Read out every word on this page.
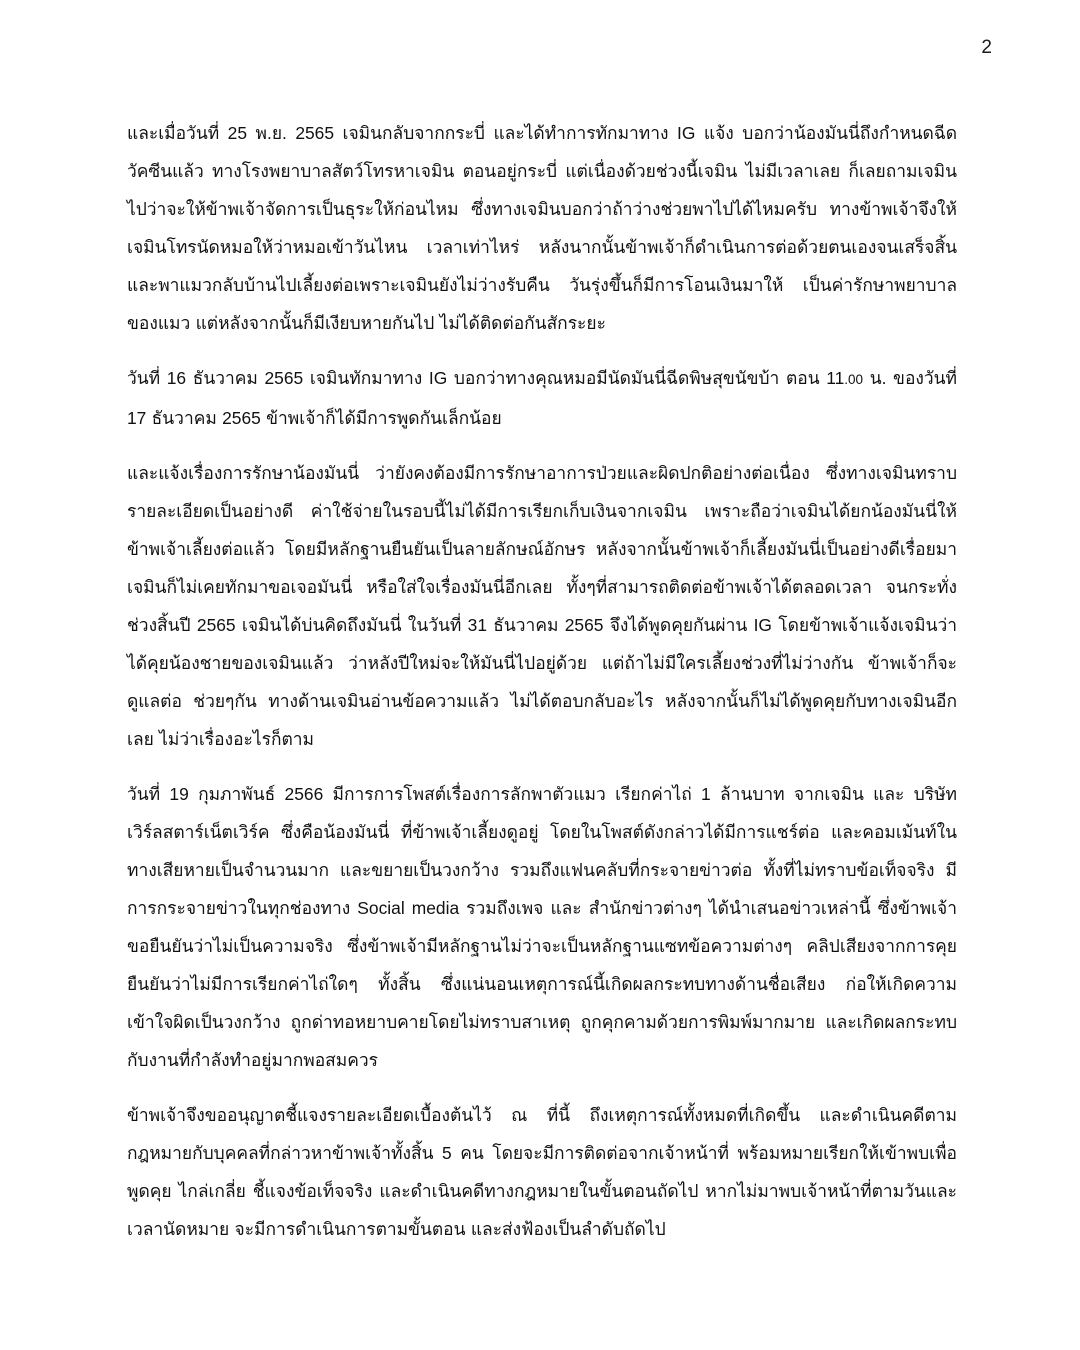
2

และเมื่อวันที่ 25 พ.ย. 2565 เจมินกลับจากกระบี่ และได้ทำการทักมาทาง IG แจ้ง บอกว่าน้องมันนี่ถึงกำหนดฉีดวัคซีนแล้ว ทางโรงพยาบาลสัตว์โทรหาเจมิน ตอนอยู่กระบี่ แต่เนื่องด้วยช่วงนี้เจมิน ไม่มีเวลาเลย ก็เลยถามเจมินไปว่าจะให้ข้าพเจ้าจัดการเป็นธุระให้ก่อนไหม ซึ่งทางเจมินบอกว่าถ้าว่างช่วยพาไปได้ไหมครับ ทางข้าพเจ้าจึงให้เจมินโทรนัดหมอให้ว่าหมอเข้าวันไหน เวลาเท่าไหร่ หลังนากนั้นข้าพเจ้าก็ดำเนินการต่อด้วยตนเองจนเสร็จสิ้น และพาแมวกลับบ้านไปเลี้ยงต่อเพราะเจมินยังไม่ว่างรับคืน วันรุ่งขึ้นก็มีการโอนเงินมาให้ เป็นค่ารักษาพยาบาลของแมว แต่หลังจากนั้นก็มีเงียบหายกันไป ไม่ได้ติดต่อกันสักระยะ

วันที่ 16 ธันวาคม 2565 เจมินทักมาทาง IG บอกว่าทางคุณหมอมีนัดมันนี่ฉีดพิษสุขนัขบ้า ตอน 11.00 น. ของวันที่ 17 ธันวาคม 2565 ข้าพเจ้าก็ได้มีการพูดกันเล็กน้อย

และแจ้งเรื่องการรักษาน้องมันนี่ ว่ายังคงต้องมีการรักษาอาการป่วยและผิดปกติอย่างต่อเนื่อง ซึ่งทางเจมินทราบรายละเอียดเป็นอย่างดี ค่าใช้จ่ายในรอบนี้ไม่ได้มีการเรียกเก็บเงินจากเจมิน เพราะถือว่าเจมินได้ยกน้องมันนี่ให้ข้าพเจ้าเลี้ยงต่อแล้ว โดยมีหลักฐานยืนยันเป็นลายลักษณ์อักษร หลังจากนั้นข้าพเจ้าก็เลี้ยงมันนี่เป็นอย่างดีเรื่อยมา เจมินก็ไม่เคยทักมาขอเจอมันนี่ หรือใส่ใจเรื่องมันนี่อีกเลย ทั้งๆที่สามารถติดต่อข้าพเจ้าได้ตลอดเวลา จนกระทั่งช่วงสิ้นปี 2565 เจมินได้บ่นคิดถึงมันนี่ ในวันที่ 31 ธันวาคม 2565 จึงได้พูดคุยกันผ่าน IG โดยข้าพเจ้าแจ้งเจมินว่าได้คุยน้องชายของเจมินแล้ว ว่าหลังปีใหม่จะให้มันนี่ไปอยู่ด้วย แต่ถ้าไม่มีใครเลี้ยงช่วงที่ไม่ว่างกัน ข้าพเจ้าก็จะดูแลต่อ ช่วยๆกัน ทางด้านเจมินอ่านข้อความแล้ว ไม่ได้ตอบกลับอะไร หลังจากนั้นก็ไม่ได้พูดคุยกับทางเจมินอีกเลย ไม่ว่าเรื่องอะไรก็ตาม

วันที่ 19 กุมภาพันธ์ 2566 มีการการโพสต์เรื่องการลักพาตัวแมว เรียกค่าไถ่ 1 ล้านบาท จากเจมิน และ บริษัทเวิร์ลสตาร์เน็ตเวิร์ค ซึ่งคือน้องมันนี่ ที่ข้าพเจ้าเลี้ยงดูอยู่ โดยในโพสต์ดังกล่าวได้มีการแชร์ต่อ และคอมเม้นท์ในทางเสียหายเป็นจำนวนมาก และขยายเป็นวงกว้าง รวมถึงแฟนคลับที่กระจายข่าวต่อ ทั้งที่ไม่ทราบข้อเท็จจริง มีการกระจายข่าวในทุกช่องทาง Social media รวมถึงเพจ และ สำนักข่าวต่างๆ ได้นำเสนอข่าวเหล่านี้ ซึ่งข้าพเจ้าขอยืนยันว่าไม่เป็นความจริง ซึ่งข้าพเจ้ามีหลักฐานไม่ว่าจะเป็นหลักฐานแซทข้อความต่างๆ คลิปเสียงจากการคุย ยืนยันว่าไม่มีการเรียกค่าไถ่ใดๆ ทั้งสิ้น ซึ่งแน่นอนเหตุการณ์นี้เกิดผลกระทบทางด้านชื่อเสียง ก่อให้เกิดความเข้าใจผิดเป็นวงกว้าง ถูกด่าทอหยาบคายโดยไม่ทราบสาเหตุ ถูกคุกคามด้วยการพิมพ์มากมาย และเกิดผลกระทบกับงานที่กำลังทำอยู่มากพอสมควร

ข้าพเจ้าจึงขออนุญาตชี้แจงรายละเอียดเบื้องต้นไว้ ณ ที่นี้ ถึงเหตุการณ์ทั้งหมดที่เกิดขึ้น และดำเนินคดีตามกฎหมายกับบุคคลที่กล่าวหาข้าพเจ้าทั้งสิ้น 5 คน โดยจะมีการติดต่อจากเจ้าหน้าที่ พร้อมหมายเรียกให้เข้าพบเพื่อพูดคุย ไกล่เกลี่ย ชี้แจงข้อเท็จจริง และดำเนินคดีทางกฎหมายในขั้นตอนถัดไป หากไม่มาพบเจ้าหน้าที่ตามวันและเวลานัดหมาย จะมีการดำเนินการตามขั้นตอน และส่งฟ้องเป็นลำดับถัดไป
